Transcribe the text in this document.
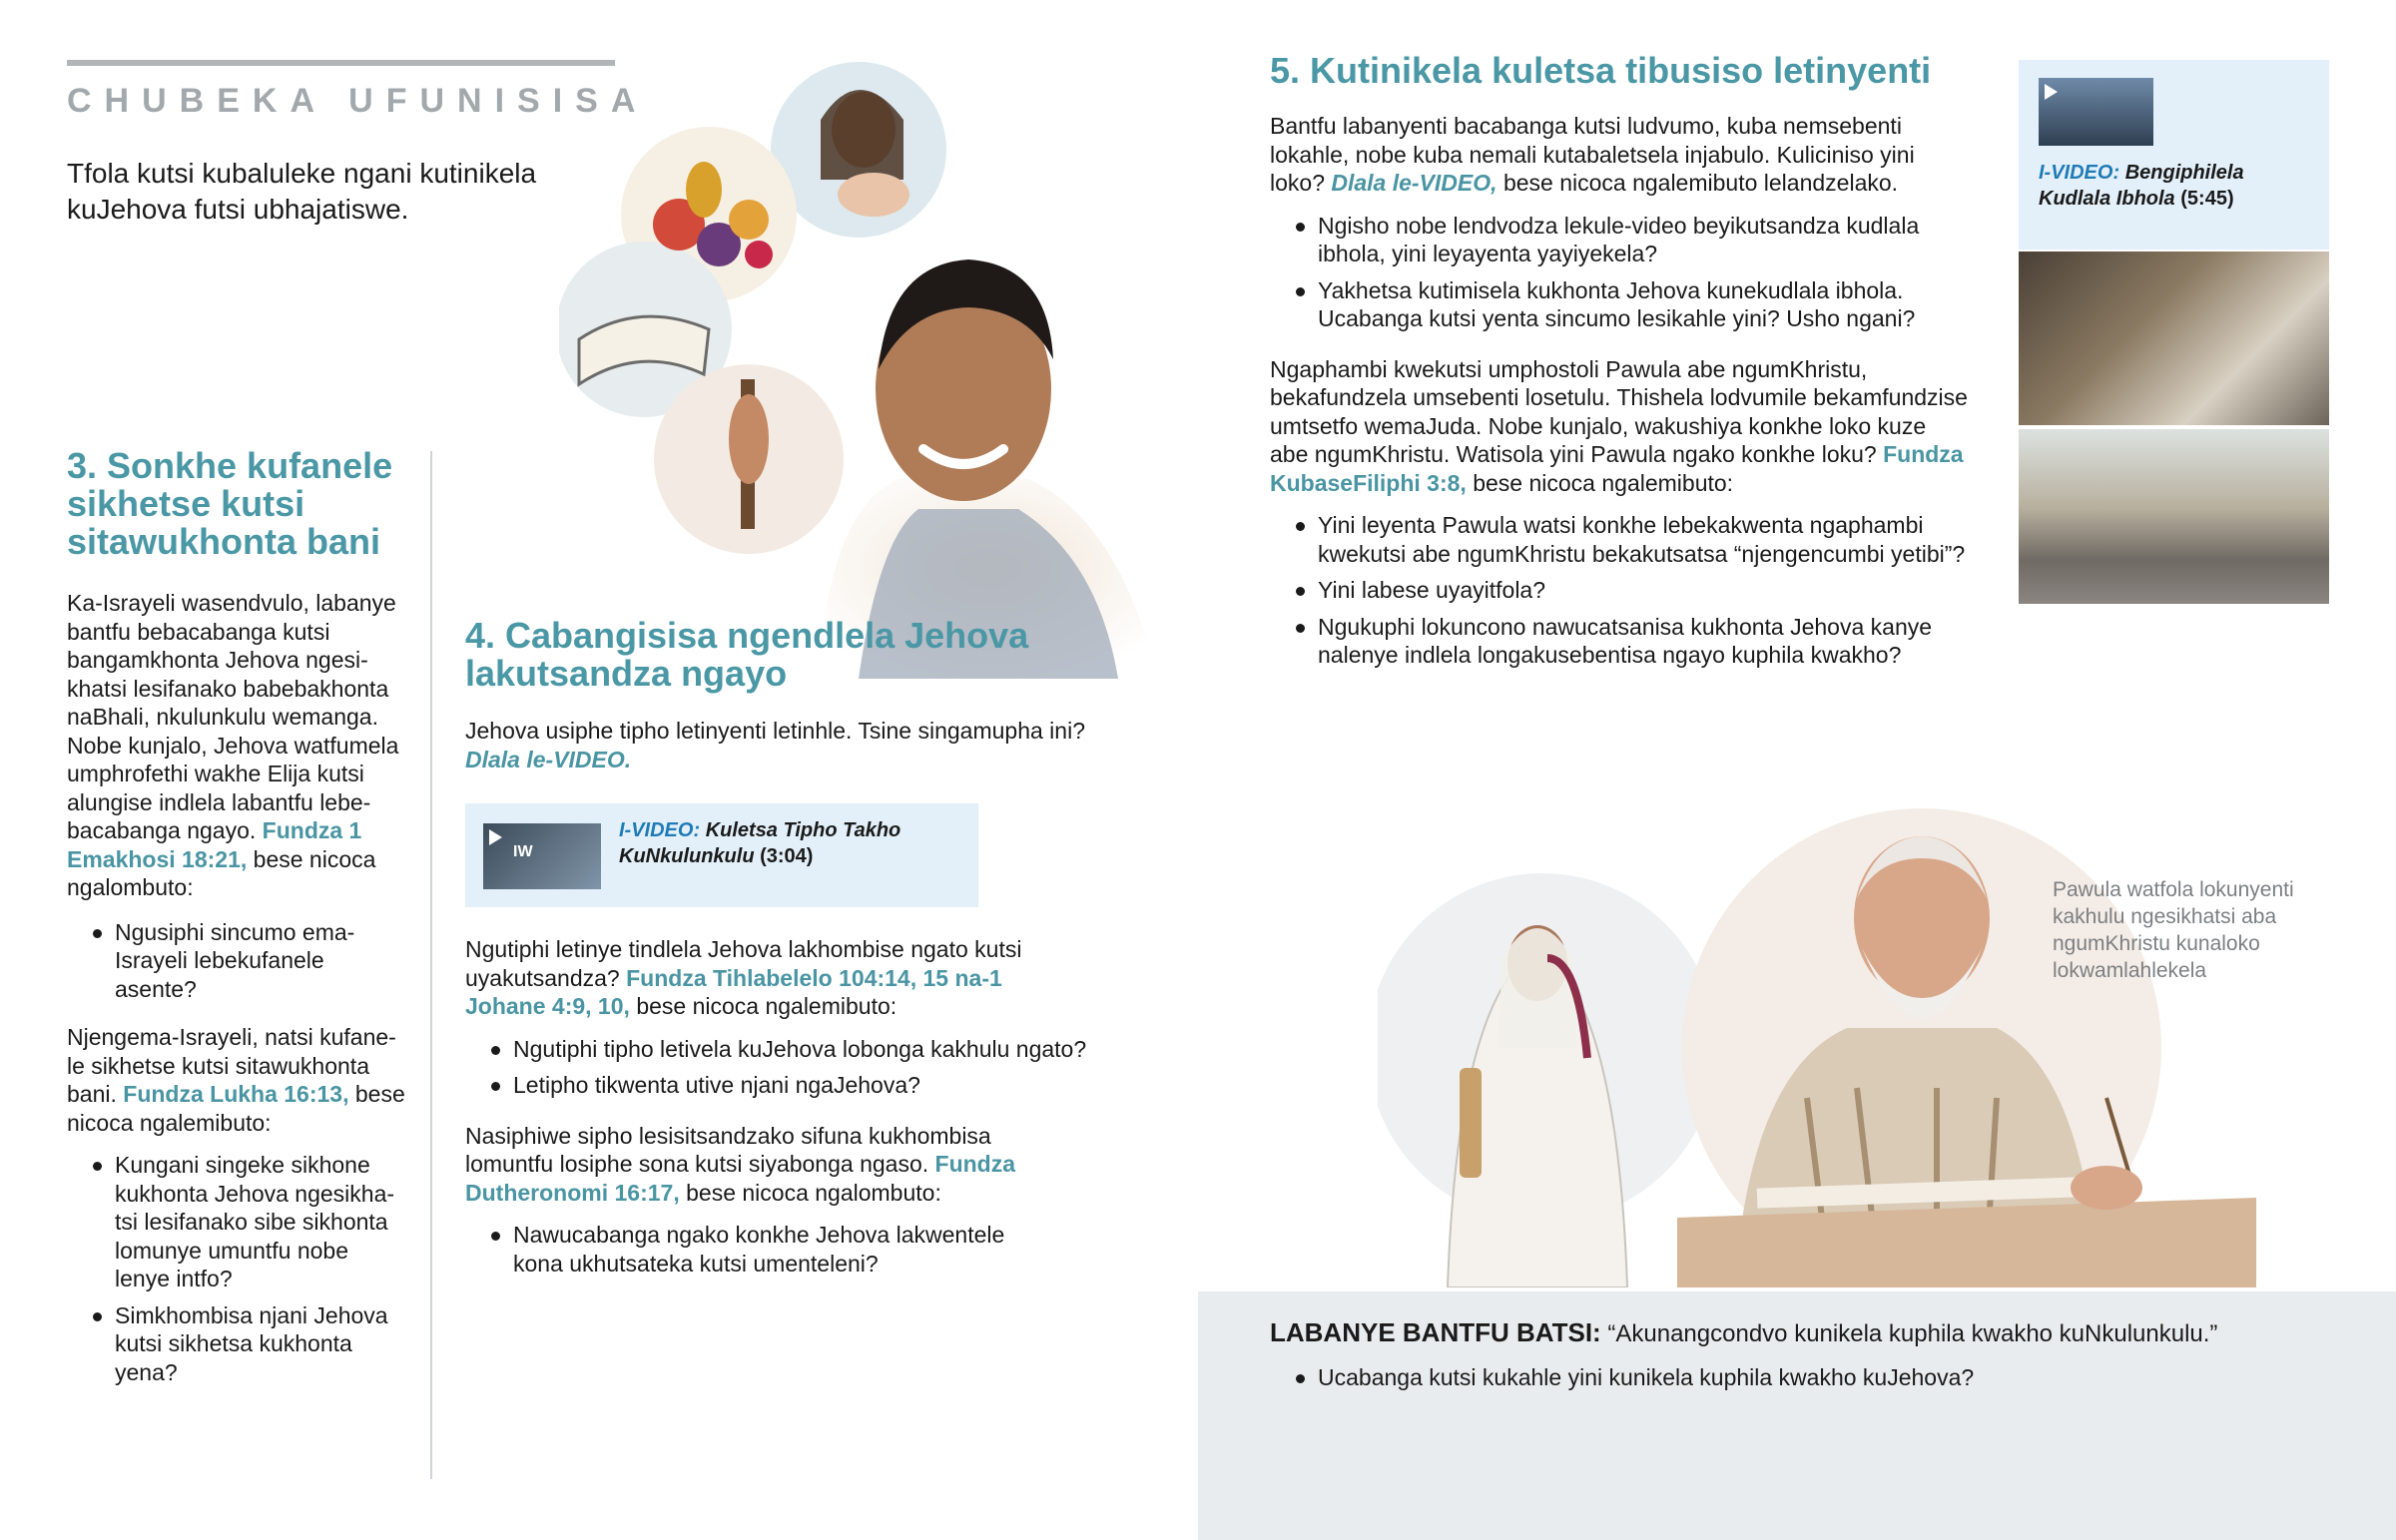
CHUBEKA UFUNISISA
Tfola kutsi kubaluleke ngani kutinikela kuJehova futsi ubhajatiswe.
3. Sonkhe kufanele sikhetse kutsi sitawukhonta bani

Ka-Israyeli wasendvulo, labanye bantfu bebacabanga kutsi bangamkhonta Jehova ngesi-khatsi lesifanako babebakhonta naBhali, nkulunkulu wemanga. Nobe kunjalo, Jehova watfumela umphrofethi wakhe Elija kutsi alungise indlela labantfu lebe-bacabanga ngayo. Fundza 1 Emakhosi 18:21, bese nicoca ngalombuto:

Ngusiphi sincumo ema-Israyeli lebekufanele asente?

Njengema-Israyeli, natsi kufane-le sikhetse kutsi sitawukhonta bani. Fundza Lukha 16:13, bese nicoca ngalemibuto:

Kungani singeke sikhone kukhonta Jehova ngesikha-tsi lesifanako sibe sikhonta lomunye umuntfu nobe lenye intfo?
Simkhombisa njani Jehova kutsi sikhetsa kukhonta yena?
4. Cabangisisa ngendlela Jehova lakutsandza ngayo

Jehova usiphe tipho letinyenti letinhle. Tsine singamupha ini?
Dlala le-VIDEO.

IW
I-VIDEO: Kuletsa Tipho Takho KuNkulunkulu (3:04)

Ngutiphi letinye tindlela Jehova lakhombise ngato kutsi uyakutsandza? Fundza Tihlabelelo 104:14, 15 na-1 Johane 4:9, 10, bese nicoca ngalemibuto:

Ngutiphi tipho letivela kuJehova lobonga kakhulu ngato?
Letipho tikwenta utive njani ngaJehova?

Nasiphiwe sipho lesisitsandzako sifuna kukhombisa lomuntfu losiphe sona kutsi siyabonga ngaso. Fundza Dutheronomi 16:17, bese nicoca ngalombuto:

Nawucabanga ngako konkhe Jehova lakwentele kona ukhutsateka kutsi umenteleni?
5. Kutinikela kuletsa tibusiso letinyenti

Bantfu labanyenti bacabanga kutsi ludvumo, kuba nemsebenti lokahle, nobe kuba nemali kutabaletsela injabulo. Kuliciniso yini loko? Dlala le-VIDEO, bese nicoca ngalemibuto lelandzelako.

Ngisho nobe lendvodza lekule-video beyikutsandza kudlala ibhola, yini leyayenta yayiyekela?
Yakhetsa kutimisela kukhonta Jehova kunekudlala ibhola. Ucabanga kutsi yenta sincumo lesikahle yini? Usho ngani?

Ngaphambi kwekutsi umphostoli Pawula abe ngumKhristu, bekafundzela umsebenti losetulu. Thishela lodvumile bekamfundzise umtsetfo wemaJuda. Nobe kunjalo, wakushiya konkhe loko kuze abe ngumKhristu. Watisola yini Pawula ngako konkhe loku? Fundza KubaseFiliphi 3:8, bese nicoca ngalemibuto:

Yini leyenta Pawula watsi konkhe lebekakwenta ngaphambi kwekutsi abe ngumKhristu bekakutsatsa “njengencumbi yetibi”?
Yini labese uyayitfola?
Ngukuphi lokuncono nawucatsanisa kukhonta Jehova kanye nalenye indlela longakusebentisa ngayo kuphila kwakho?
I-VIDEO: Bengiphilela Kudlala Ibhola (5:45)
Pawula watfola lokunyenti kakhulu ngesikhatsi aba ngumKhristu kunaloko lokwamlahlekela
LABANYE BANTFU BATSI: “Akunangcondvo kunikela kuphila kwakho kuNkulunkulu.”
Ucabanga kutsi kukahle yini kunikela kuphila kwakho kuJehova?
